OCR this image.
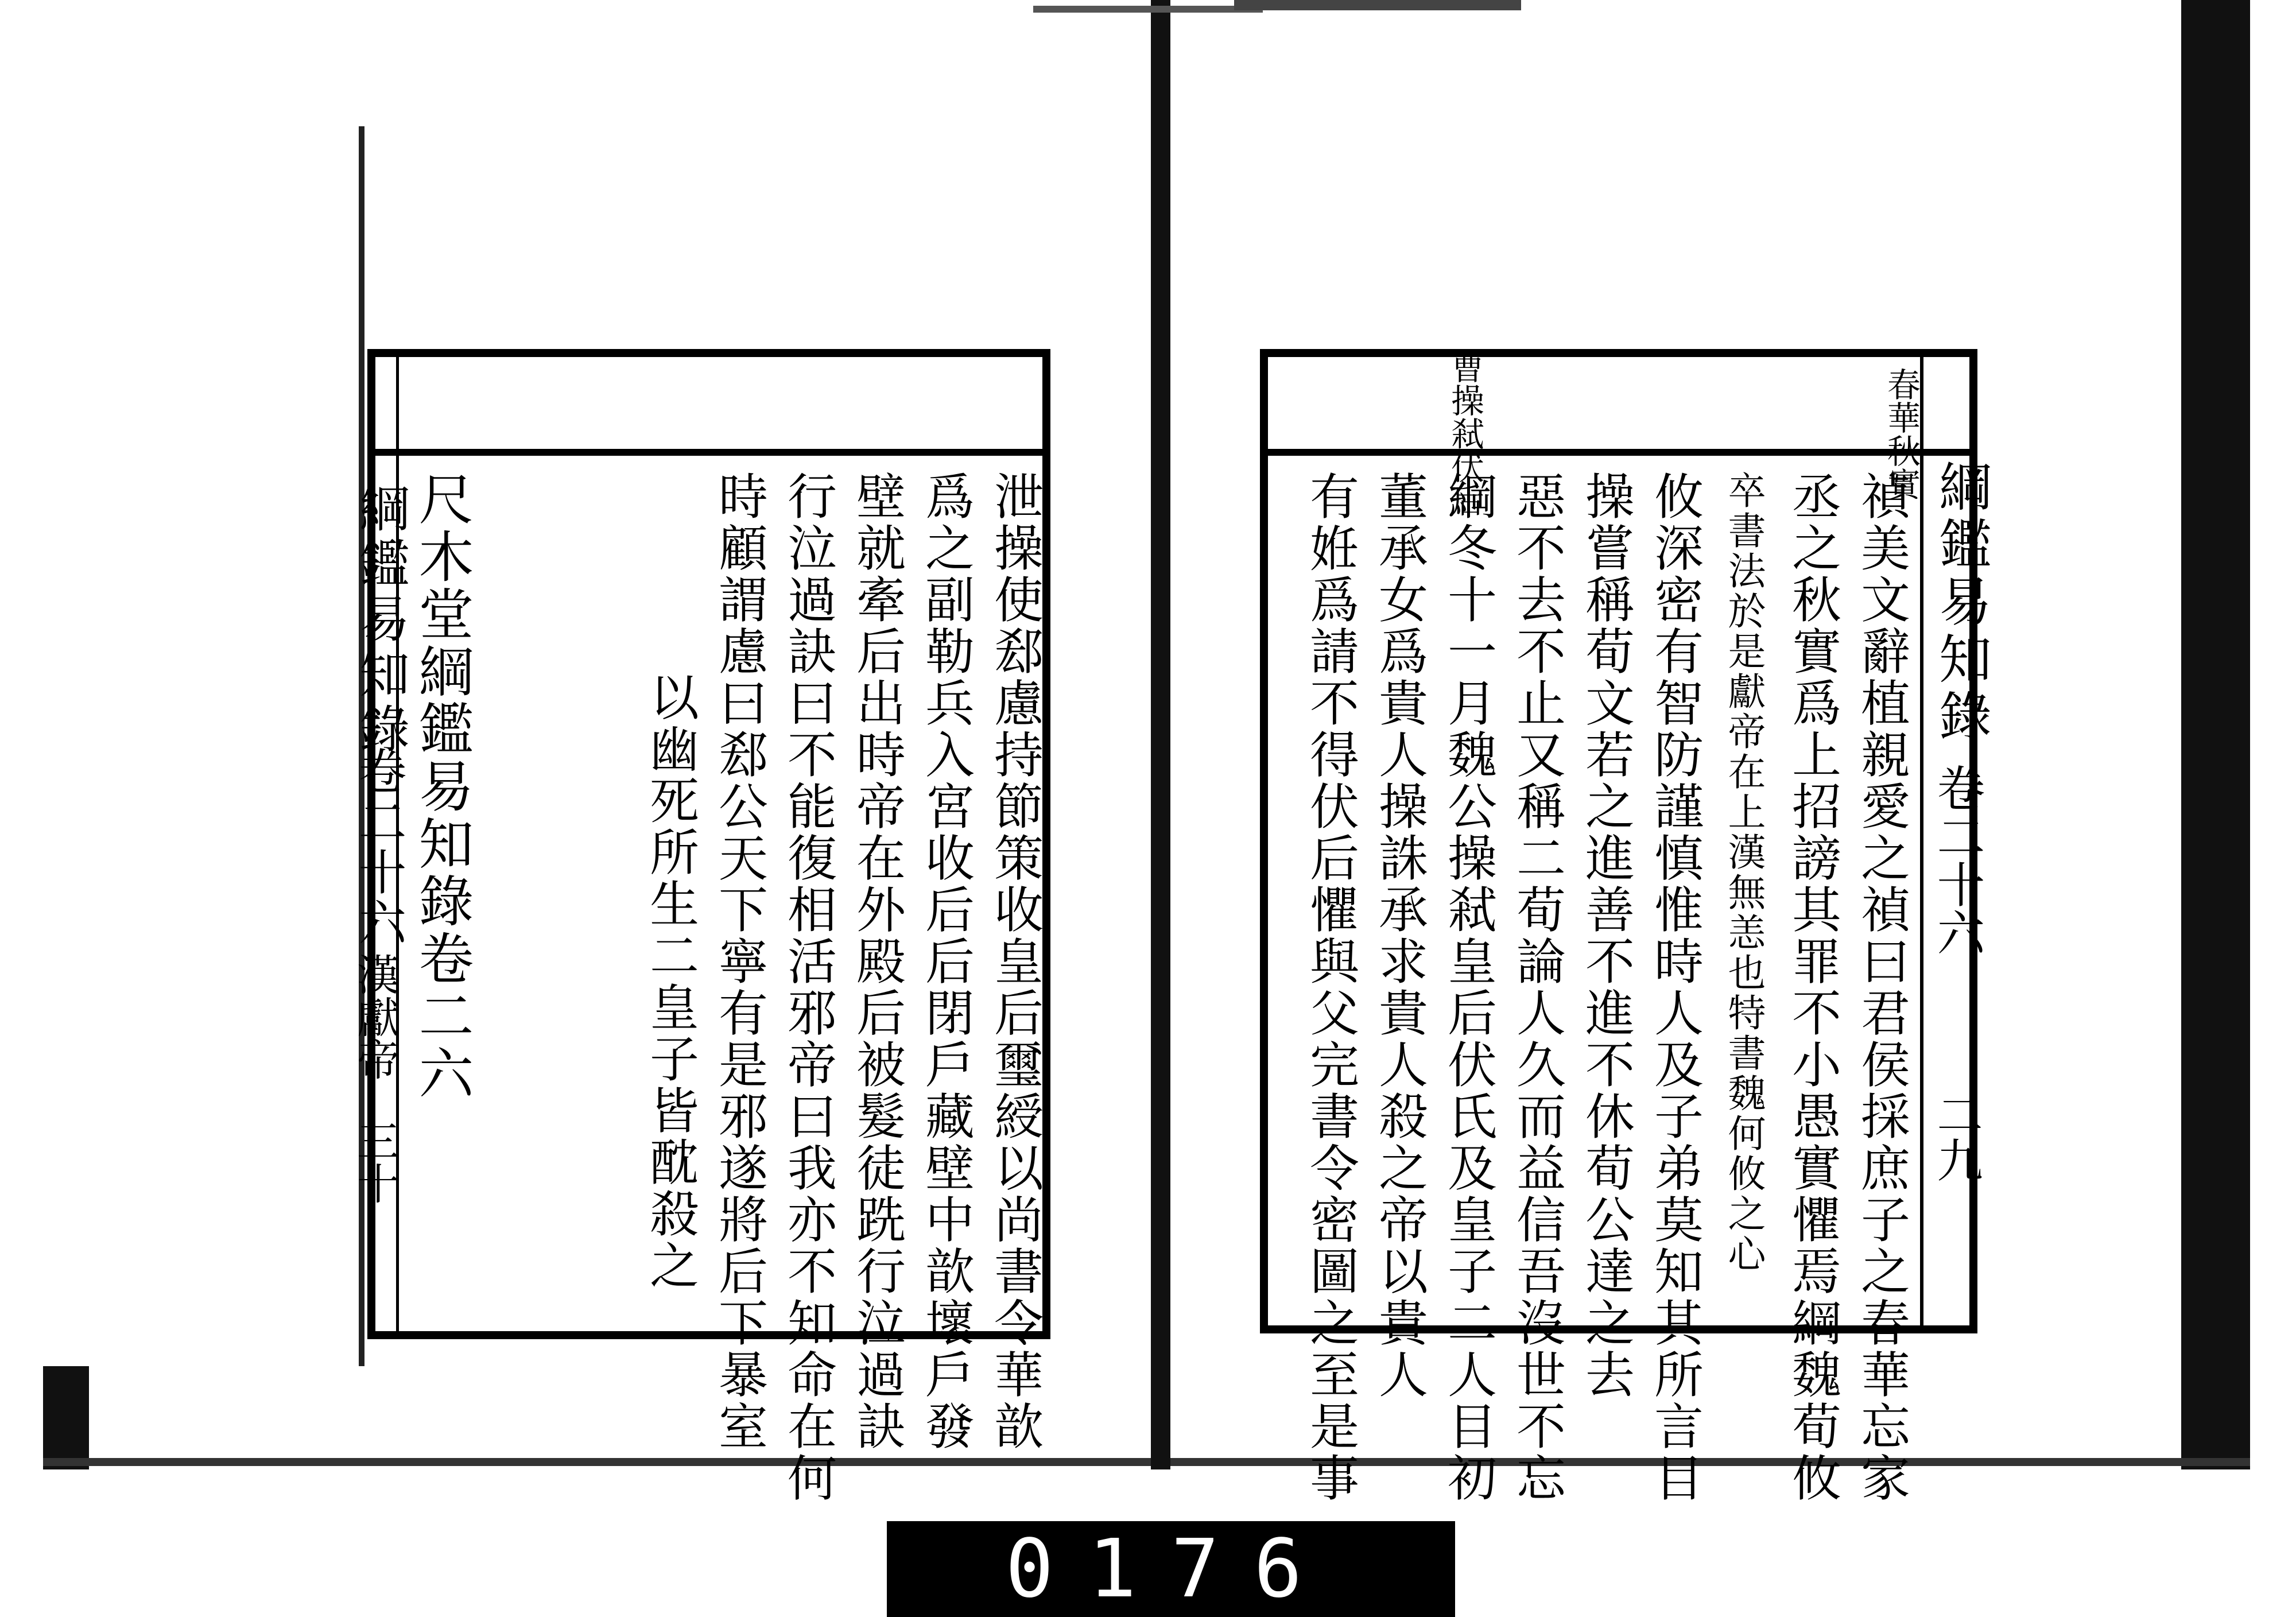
綱鑑易知錄
卷二十六
漢獻帝
三十
尺木堂綱鑑易知錄卷二六	泄操使郄慮持節策收皇后璽綬以尚書令華歆
爲之副勒兵入宮收后后閉戶藏壁中歆壞戶發
壁就牽后出時帝在外殿后被髮徒跣行泣過訣
行泣過訣曰不能復相活邪帝曰我亦不知命在何
時顧謂慮曰郄公天下寧有是邪遂將后下暴室
以幽死所生二皇子皆酖殺之
綱鑑易知錄
卷二十六
二九
春華秋實
曹操弒伏后
禎美文辭植親愛之禎曰君侯採庶子之春華忘家
丞之秋實爲上招謗其罪不小愚實懼焉綱魏荀攸
卒書法於是獻帝在上漢無恙也特書魏何攸之心
攸深密有智防謹慎惟時人及子弟莫知其所言目
操嘗稱荀文若之進善不進不休荀公達之去
惡不去不止又稱二荀論人久而益信吾沒世不忘
綱冬十一月魏公操弒皇后伏氏及皇子二人目初
董承女爲貴人操誅承求貴人殺之帝以貴人
有姙爲請不得伏后懼與父完書令密圖之至是事
0176
